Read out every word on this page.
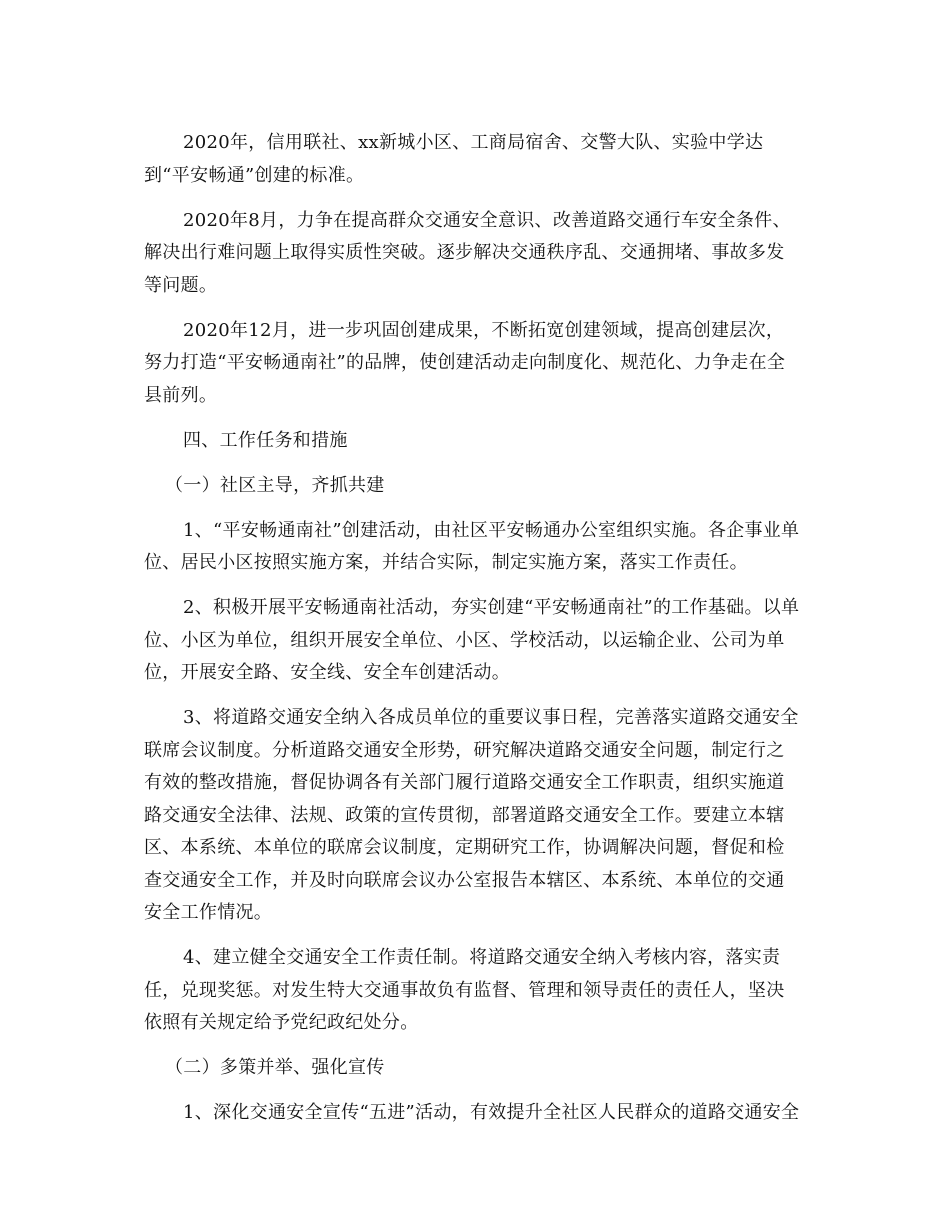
2020年，信用联社、xx新城小区、工商局宿舍、交警大队、实验中学达
到“平安畅通”创建的标准。
2020年8月，力争在提高群众交通安全意识、改善道路交通行车安全条件、
解决出行难问题上取得实质性突破。逐步解决交通秩序乱、交通拥堵、事故多发
等问题。
2020年12月，进一步巩固创建成果，不断拓宽创建领域，提高创建层次，
努力打造“平安畅通南社”的品牌，使创建活动走向制度化、规范化、力争走在全
县前列。
四、工作任务和措施
（一）社区主导，齐抓共建
1、“平安畅通南社”创建活动，由社区平安畅通办公室组织实施。各企事业单
位、居民小区按照实施方案，并结合实际，制定实施方案，落实工作责任。
2、积极开展平安畅通南社活动，夯实创建“平安畅通南社”的工作基础。以单
位、小区为单位，组织开展安全单位、小区、学校活动，以运输企业、公司为单
位，开展安全路、安全线、安全车创建活动。
3、将道路交通安全纳入各成员单位的重要议事日程，完善落实道路交通安全
联席会议制度。分析道路交通安全形势，研究解决道路交通安全问题，制定行之
有效的整改措施，督促协调各有关部门履行道路交通安全工作职责，组织实施道
路交通安全法律、法规、政策的宣传贯彻，部署道路交通安全工作。要建立本辖
区、本系统、本单位的联席会议制度，定期研究工作，协调解决问题，督促和检
查交通安全工作，并及时向联席会议办公室报告本辖区、本系统、本单位的交通
安全工作情况。
4、建立健全交通安全工作责任制。将道路交通安全纳入考核内容，落实责
任，兑现奖惩。对发生特大交通事故负有监督、管理和领导责任的责任人，坚决
依照有关规定给予党纪政纪处分。
（二）多策并举、强化宣传
1、深化交通安全宣传“五进”活动，有效提升全社区人民群众的道路交通安全
